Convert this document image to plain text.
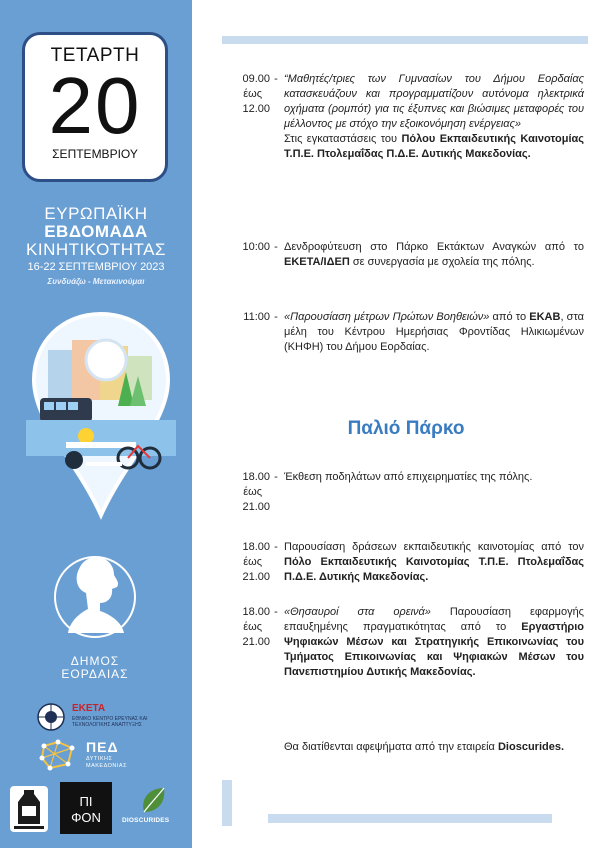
ΤΕΤΑΡΤΗ
20
ΣΕΠΤΕΜΒΡΙΟΥ
ΕΥΡΩΠΑΪΚΗ
ΕΒΔΟΜΑΔΑ
ΚΙΝΗΤΙΚΟΤΗΤΑΣ
16-22 ΣΕΠΤΕΜΒΡΙΟΥ 2023
Συνδυάζω - Μετακινούμαι
ΔΗΜΟΣ
ΕΟΡΔΑΙΑΣ
ΕΚΕΤΑ
ΕΘΝΙΚΟ ΚΕΝΤΡΟ ΕΡΕΥΝΑΣ ΚΑΙ ΤΕΧΝΟΛΟΓΙΚΗΣ ΑΝΑΠΤΥΞΗΣ
ΠΕΔ
ΔΥΤΙΚΗΣ
ΜΑΚΕΔΟΝΙΑΣ
ΠΙ
ΦΟΝ	DIOSCURIDES
09.00
έως
12.00
- “Μαθητές/τριες των Γυμνασίων του Δήμου Εορδαίας κατασκευάζουν και προγραμματίζουν αυτόνομα ηλεκτρικά οχήματα (ρομπότ) για τις έξυπνες και βιώσιμες μεταφορές του μέλλοντος με στόχο την εξοικονόμηση ενέργειας»

Στις εγκαταστάσεις του Πόλου Εκπαιδευτικής Καινοτομίας Τ.Π.Ε. Πτολεμαΐδας Π.Δ.Ε. Δυτικής Μακεδονίας.

10:00 - Δενδροφύτευση στο Πάρκο Εκτάκτων Αναγκών από το ΕΚΕΤΑ/ΙΔΕΠ σε συνεργασία με σχολεία της πόλης.

11:00 - «Παρουσίαση μέτρων Πρώτων Βοηθειών» από το ΕΚΑΒ, στα μέλη του Κέντρου Ημερήσιας Φροντίδας Ηλικιωμένων (ΚΗΦΗ) του Δήμου Εορδαίας.

Παλιό Πάρκο
18.00
έως
21.00
- Έκθεση ποδηλάτων από επιχειρηματίες της πόλης.

18.00
έως
21.00
- Παρουσίαση δράσεων εκπαιδευτικής καινοτομίας από τον Πόλο Εκπαιδευτικής Καινοτομίας Τ.Π.Ε. Πτολεμαΐδας Π.Δ.Ε. Δυτικής Μακεδονίας.

18.00
έως
21.00
- «Θησαυροί στα ορεινά» Παρουσίαση εφαρμογής επαυξημένης πραγματικότητας από το Εργαστήριο Ψηφιακών Μέσων και Στρατηγικής Επικοινωνίας του Τμήματος Επικοινωνίας και Ψηφιακών Μέσων του Πανεπιστημίου Δυτικής Μακεδονίας.

Θα διατίθενται αφεψήματα από την εταιρεία Dioscurides.
